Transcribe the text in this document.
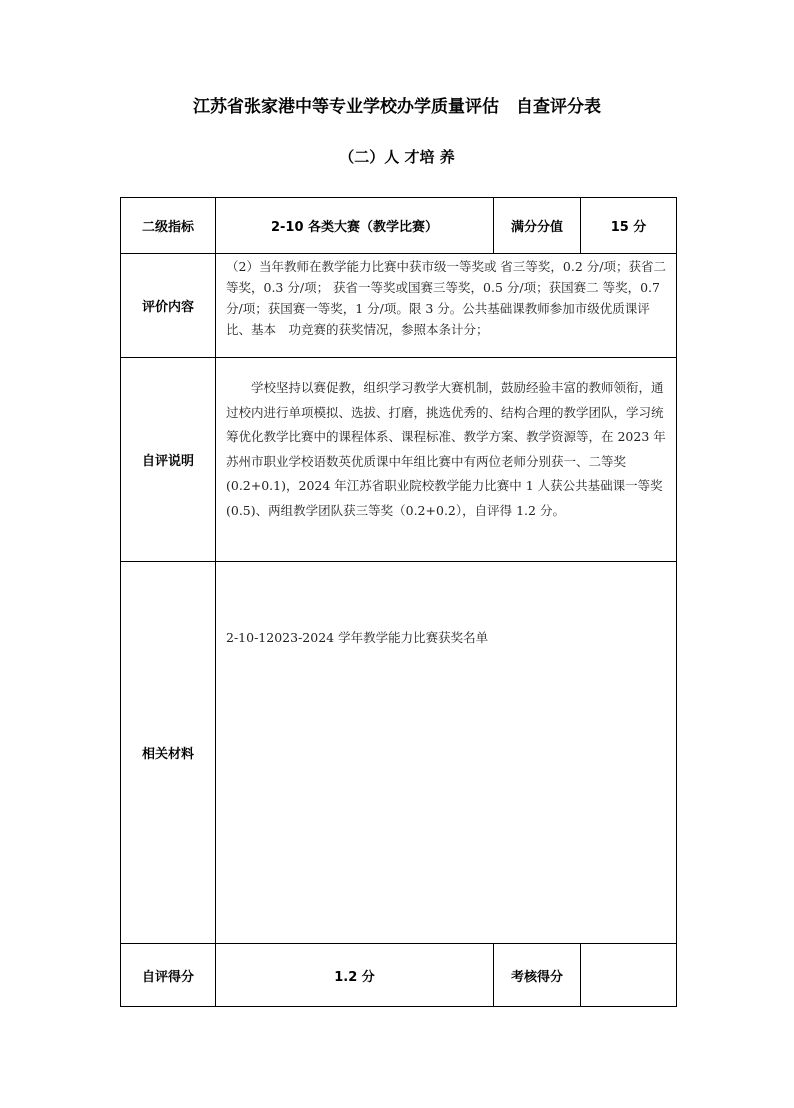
江苏省张家港中等专业学校办学质量评估　自查评分表
（二）人 才培 养
二级指标	2-10 各类大赛（教学比赛）	满分分值	15 分
评价内容	（2）当年教师在教学能力比赛中获市级一等奖或 省三等奖，0.2 分/项；获省二等奖，0.3 分/项； 获省一等奖或国赛三等奖，0.5 分/项；获国赛二 等奖，0.7 分/项；获国赛一等奖，1 分/项。限 3 分。公共基础课教师参加市级优质课评比、基本　功竞赛的获奖情况，参照本条计分；		
自评说明	学校坚持以赛促教，组织学习教学大赛机制，鼓励经验丰富的教师领衔，通过校内进行单项模拟、选拔、打磨，挑选优秀的、结构合理的教学团队，学习统筹优化教学比赛中的课程体系、课程标准、教学方案、教学资源等，在 2023 年苏州市职业学校语数英优质课中年组比赛中有两位老师分别获一、二等奖(0.2+0.1)，2024 年江苏省职业院校教学能力比赛中 1 人获公共基础课一等奖(0.5)、两组教学团队获三等奖（0.2+0.2），自评得 1.2 分。		
相关材料	2-10-12023-2024 学年教学能力比赛获奖名单		
自评得分	1.2 分	考核得分	
